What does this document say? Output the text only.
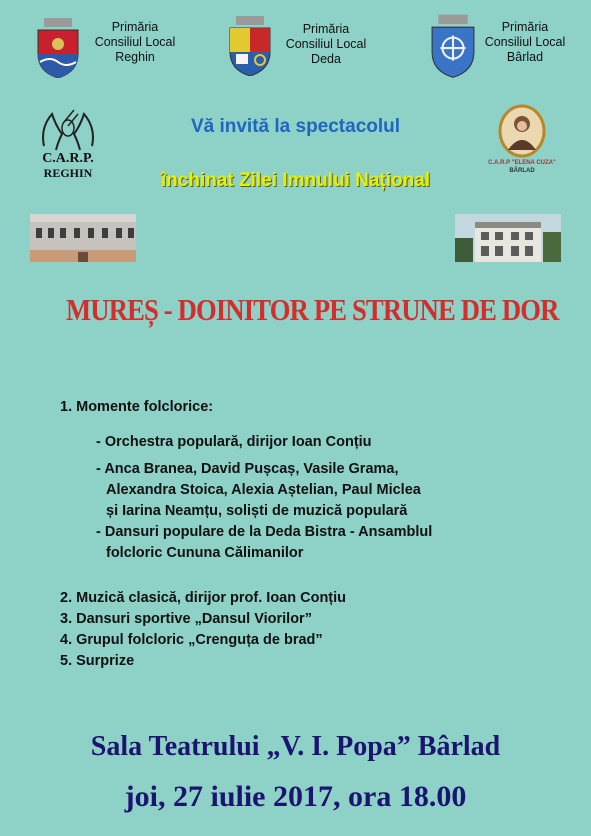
Primăria
Consiliul Local
Reghin
Primăria
Consiliul Local
Deda
Primăria
Consiliul Local
Bârlad
C.A.R.P.
REGHIN
C.A.R.P "ELENA CUZA"
BÂRLAD
Vă invită la spectacolul
închinat Zilei Imnului Național
MUREȘ - DOINITOR PE STRUNE DE DOR
1. Momente folclorice:
- Orchestra populară, dirijor Ioan Conțiu
- Anca Branea, David Pușcaș, Vasile Grama,
Alexandra Stoica, Alexia Aștelian, Paul Miclea
și Iarina Neamțu, soliști de muzică populară
- Dansuri populare de la Deda Bistra - Ansamblul
folcloric Cununa Călimanilor
2. Muzică clasică, dirijor prof. Ioan Conțiu
3. Dansuri sportive „Dansul Viorilor”
4. Grupul folcloric „Crenguța de brad”
5. Surprize
Sala Teatrului „V. I. Popa” Bârlad
joi, 27 iulie 2017, ora 18.00
